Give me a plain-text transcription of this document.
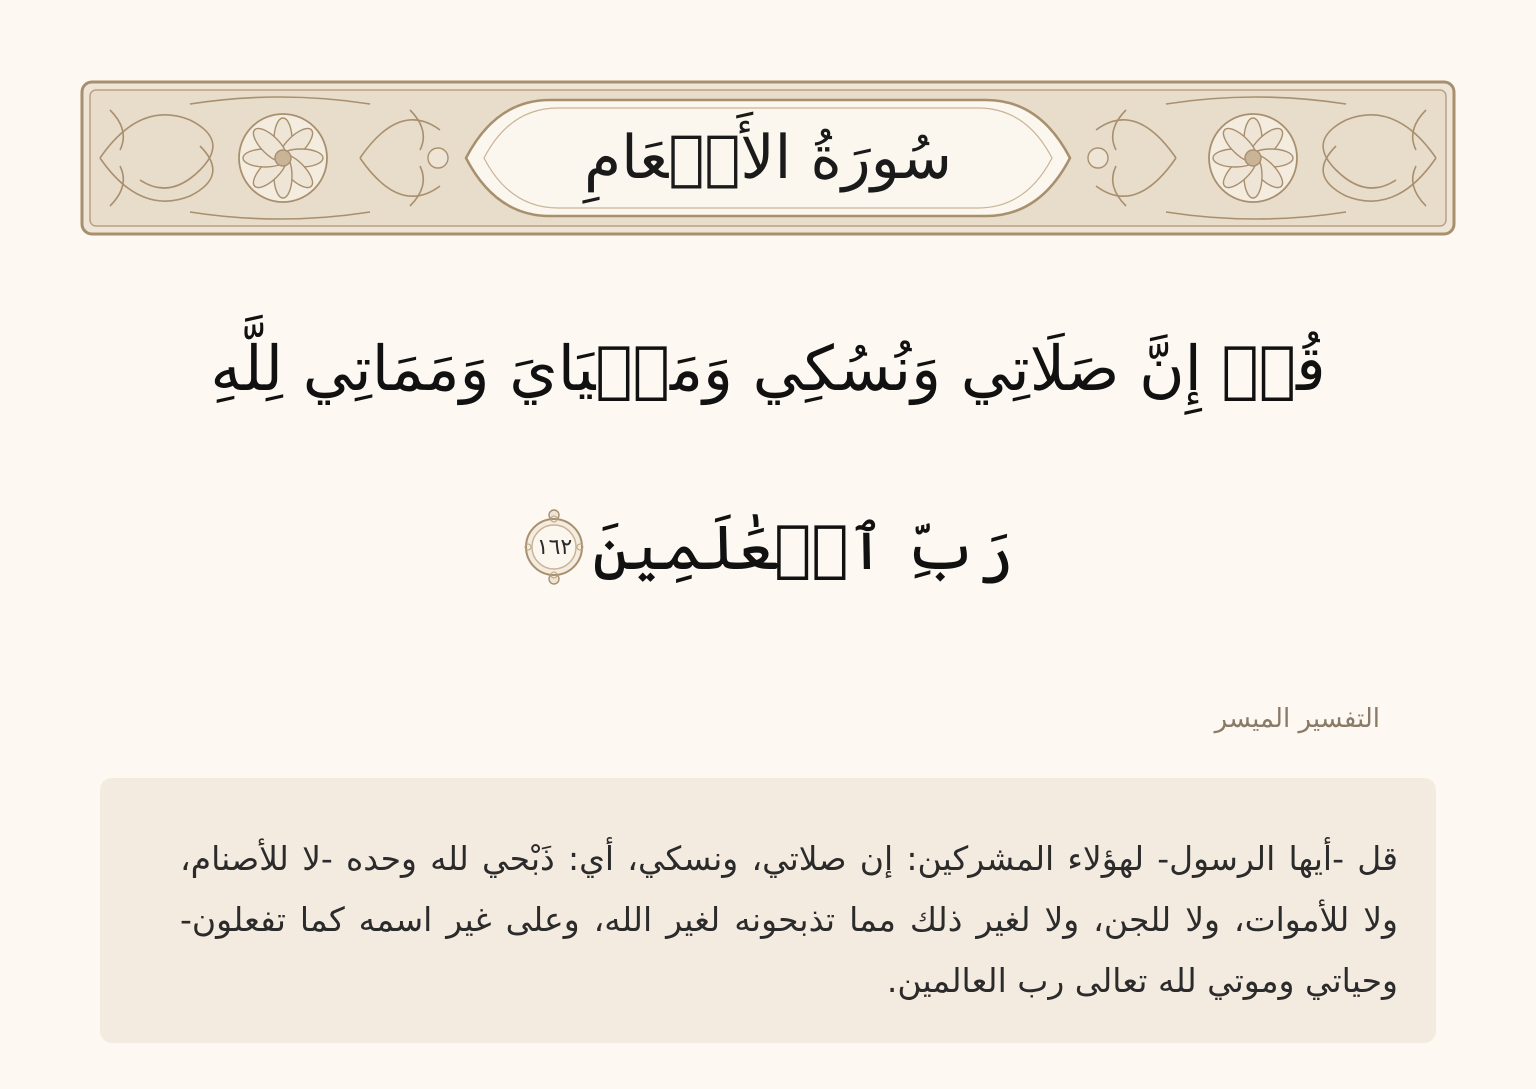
سُورَةُ الأَنۡعَامِ
قُلۡ إِنَّ صَلَاتِي وَنُسُكِي وَمَحۡيَايَ وَمَمَاتِي لِلَّهِ
رَبِّ ٱلۡعَٰلَمِينَ
١٦٢
التفسير الميسر
قل -أيها الرسول- لهؤلاء المشركين: إن صلاتي، ونسكي، أي: ذَبْحي لله وحده -لا للأصنام، ولا للأموات، ولا للجن، ولا لغير ذلك مما تذبحونه لغير الله، وعلى غير اسمه كما تفعلون- وحياتي وموتي لله تعالى رب العالمين.
